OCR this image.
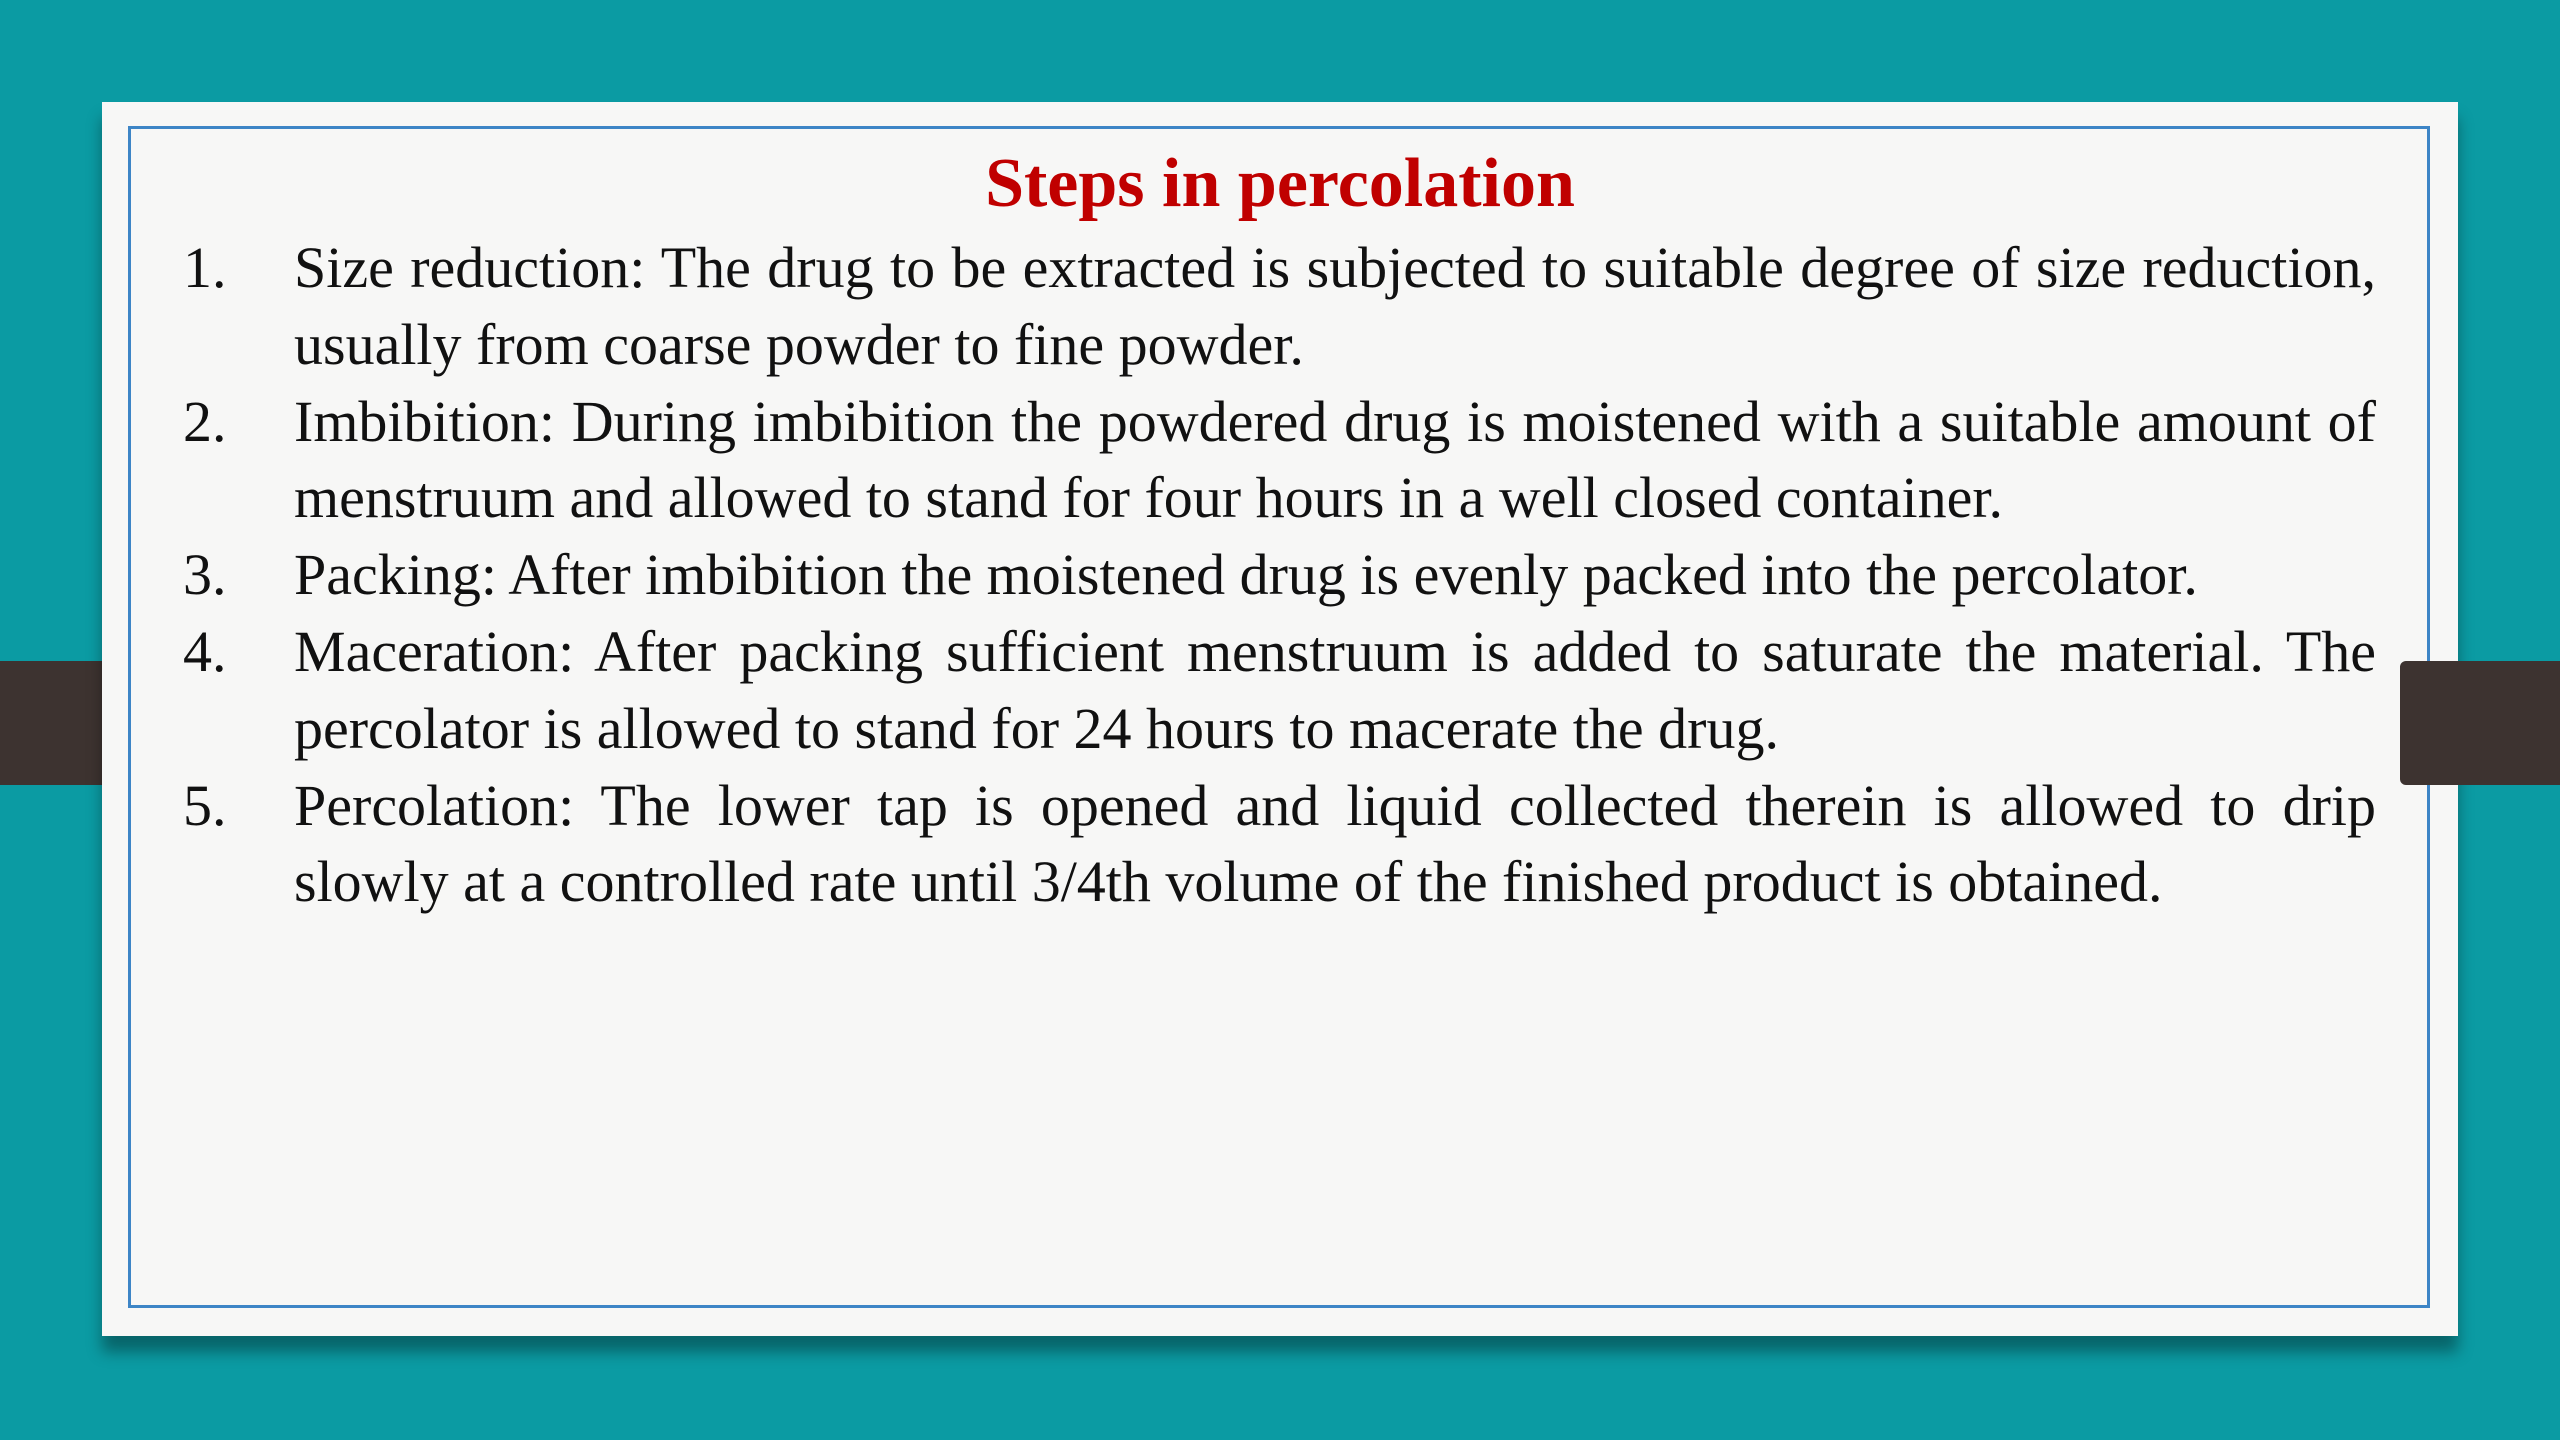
Steps in percolation
1. Size reduction: The drug to be extracted is subjected to suitable degree of size reduction, usually from coarse powder to fine powder.
2. Imbibition: During imbibition the powdered drug is moistened with a suitable amount of menstruum and allowed to stand for four hours in a well closed container.
3. Packing: After imbibition the moistened drug is evenly packed into the percolator.
4. Maceration: After packing sufficient menstruum is added to saturate the material. The percolator is allowed to stand for 24 hours to macerate the drug.
5. Percolation: The lower tap is opened and liquid collected therein is allowed to drip slowly at a controlled rate until 3/4th volume of the finished product is obtained.
